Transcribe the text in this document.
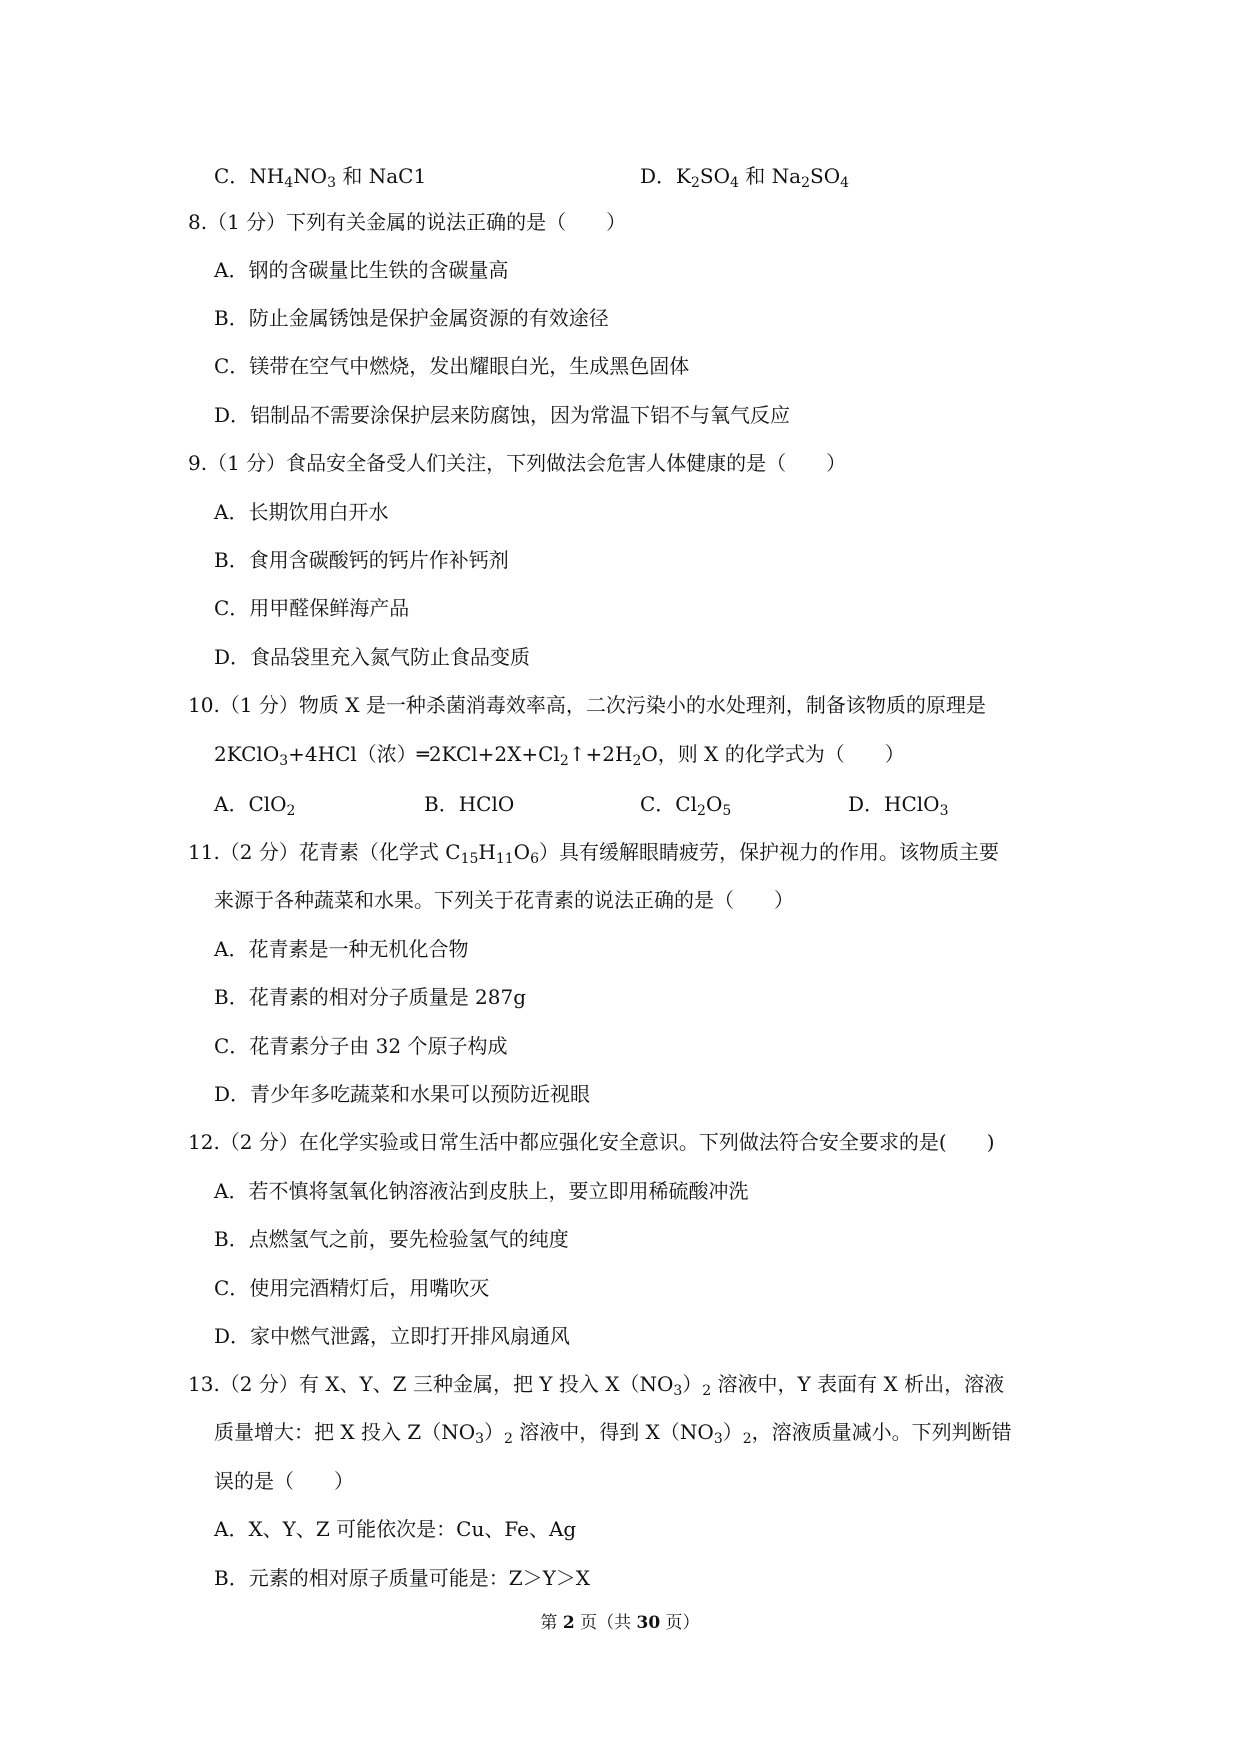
C．$NH_4NO_3$ 和 NaC1	D．$K_2SO_4$ 和 $Na_2SO_4$
8.（1 分）下列有关金属的说法正确的是（　　）
A．钢的含碳量比生铁的含碳量高
B．防止金属锈蚀是保护金属资源的有效途径
C．镁带在空气中燃烧，发出耀眼白光，生成黑色固体
D．铝制品不需要涂保护层来防腐蚀，因为常温下铝不与氧气反应
9.（1 分）食品安全备受人们关注，下列做法会危害人体健康的是（　　）
A．长期饮用白开水
B．食用含碳酸钙的钙片作补钙剂
C．用甲醛保鲜海产品
D．食品袋里充入氮气防止食品变质
10.（1 分）物质 X 是一种杀菌消毒效率高，二次污染小的水处理剂，制备该物质的原理是
2KClO$_3$+4HCl（浓）$═2KCl+2X+Cl_2↑+2H_2O$，则 X 的化学式为（　　）
A．ClO$_2$	B．HClO	C．$Cl_2O_5$	D．HClO$_3$
11.（2 分）花青素（化学式 $C_{15}H_{11}O_6$）具有缓解眼睛疲劳，保护视力的作用。该物质主要
来源于各种蔬菜和水果。下列关于花青素的说法正确的是（　　）
A．花青素是一种无机化合物
B．花青素的相对分子质量是 287g
C．花青素分子由 32 个原子构成
D．青少年多吃蔬菜和水果可以预防近视眼
12.（2 分）在化学实验或日常生活中都应强化安全意识。下列做法符合安全要求的是(　　)
A．若不慎将氢氧化钠溶液沾到皮肤上，要立即用稀硫酸冲洗
B．点燃氢气之前，要先检验氢气的纯度
C．使用完酒精灯后，用嘴吹灭
D．家中燃气泄露，立即打开排风扇通风
13.（2 分）有 X、Y、Z 三种金属，把 Y 投入 $X(NO_3)_2$ 溶液中，Y 表面有 X 析出，溶液
质量增大：把 X 投入 $Z(NO_3)_2$ 溶液中，得到 $X(NO_3)_2$，溶液质量减小。下列判断错
误的是（　　）
A．X、Y、Z 可能依次是：Cu、Fe、Ag
B．元素的相对原子质量可能是：Z＞Y＞X
第 2 页（共 30 页）
